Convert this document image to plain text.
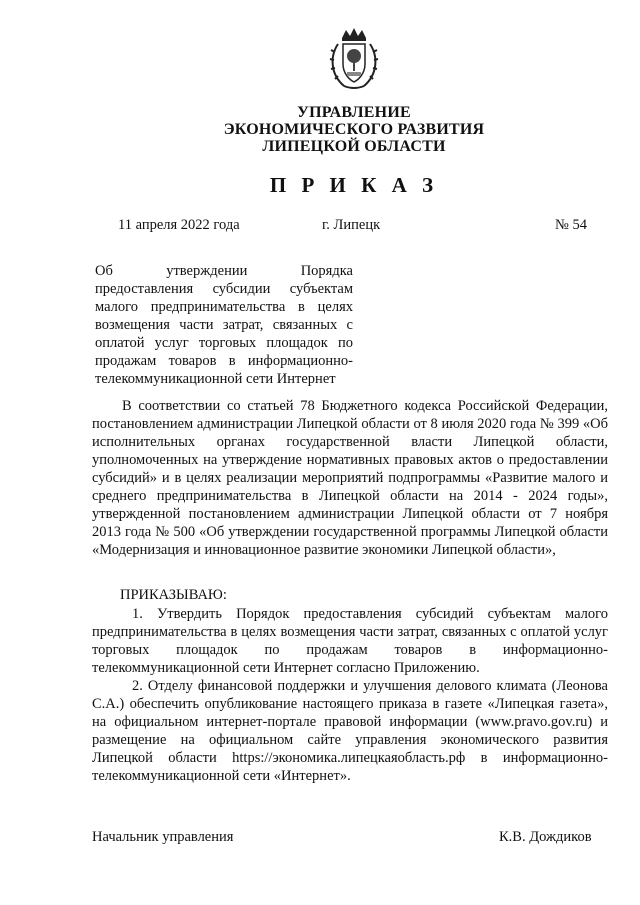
УПРАВЛЕНИЕ
ЭКОНОМИЧЕСКОГО РАЗВИТИЯ
ЛИПЕЦКОЙ ОБЛАСТИ
П Р И К А З
11 апреля 2022 года	г. Липецк	№ 54
Об утверждении Порядка предоставления субсидии субъектам малого предпринимательства в целях возмещения части затрат, связанных с оплатой услуг торговых площадок по продажам товаров в информационно-телекоммуникационной сети Интернет
В соответствии со статьей 78 Бюджетного кодекса Российской Федерации, постановлением администрации Липецкой области от 8 июля 2020 года № 399 «Об исполнительных органах государственной власти Липецкой области, уполномоченных на утверждение нормативных правовых актов о предоставлении субсидий» и в целях реализации мероприятий подпрограммы «Развитие малого и среднего предпринимательства в Липецкой области на 2014 - 2024 годы», утвержденной постановлением администрации Липецкой области от 7 ноября 2013 года № 500 «Об утверждении государственной программы Липецкой области «Модернизация и инновационное развитие экономики Липецкой области»,
ПРИКАЗЫВАЮ:
1. Утвердить Порядок предоставления субсидий субъектам малого предпринимательства в целях возмещения части затрат, связанных с оплатой услуг торговых площадок по продажам товаров в информационно-телекоммуникационной сети Интернет согласно Приложению.
2. Отделу финансовой поддержки и улучшения делового климата (Леонова С.А.) обеспечить опубликование настоящего приказа в газете «Липецкая газета», на официальном интернет-портале правовой информации (www.pravo.gov.ru) и размещение на официальном сайте управления экономического развития Липецкой области https://экономика.липецкаяобласть.рф в информационно-телекоммуникационной сети «Интернет».
Начальник управления	К.В. Дождиков
